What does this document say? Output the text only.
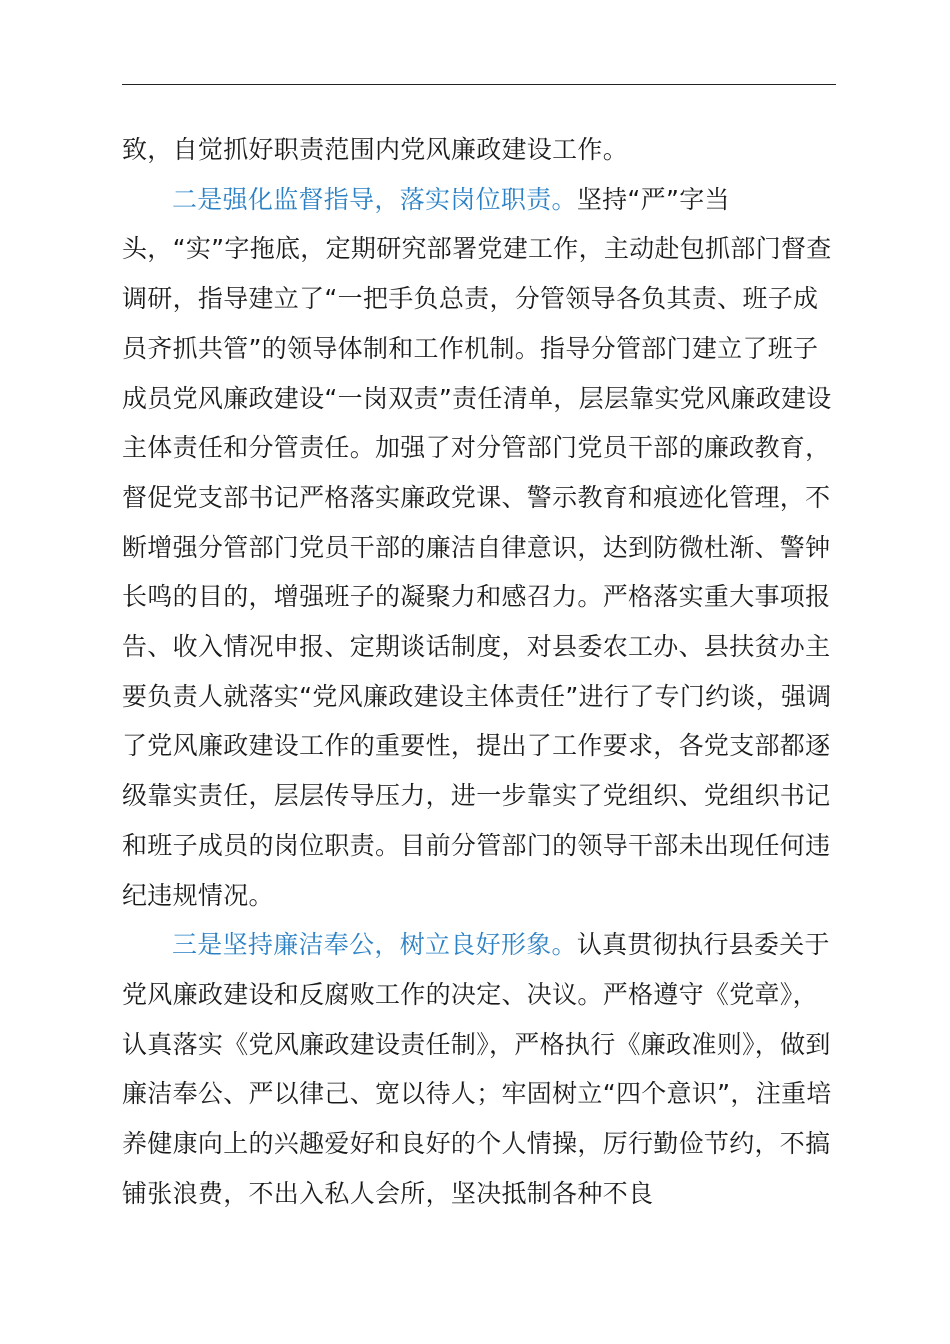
致，自觉抓好职责范围内党风廉政建设工作。

二是强化监督指导，落实岗位职责。坚持“严”字当头，“实”字拖底，定期研究部署党建工作，主动赴包抓部门督查调研，指导建立了“一把手负总责，分管领导各负其责、班子成员齐抓共管”的领导体制和工作机制。指导分管部门建立了班子成员党风廉政建设“一岗双责”责任清单，层层靠实党风廉政建设主体责任和分管责任。加强了对分管部门党员干部的廉政教育，督促党支部书记严格落实廉政党课、警示教育和痕迹化管理，不断增强分管部门党员干部的廉洁自律意识，达到防微杜渐、警钟长鸣的目的，增强班子的凝聚力和感召力。严格落实重大事项报告、收入情况申报、定期谈话制度，对县委农工办、县扶贫办主要负责人就落实“党风廉政建设主体责任”进行了专门约谈，强调了党风廉政建设工作的重要性，提出了工作要求，各党支部都逐级靠实责任，层层传导压力，进一步靠实了党组织、党组织书记和班子成员的岗位职责。目前分管部门的领导干部未出现任何违纪违规情况。

三是坚持廉洁奉公，树立良好形象。认真贯彻执行县委关于党风廉政建设和反腐败工作的决定、决议。严格遵守《党章》，认真落实《党风廉政建设责任制》，严格执行《廉政准则》，做到廉洁奉公、严以律己、宽以待人；牢固树立“四个意识”，注重培养健康向上的兴趣爱好和良好的个人情操，厉行勤俭节约，不搞铺张浪费，不出入私人会所，坚决抵制各种不良
